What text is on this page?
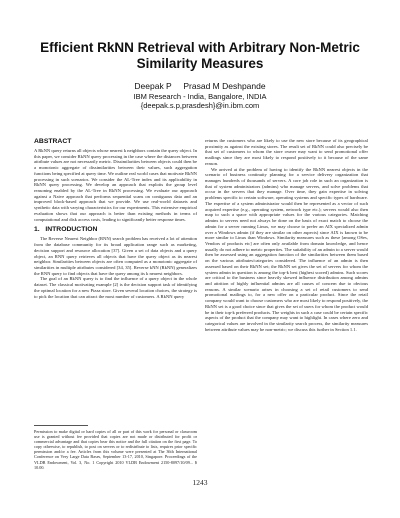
Efficient RkNN Retrieval with Arbitrary Non-Metric
Similarity Measures
Deepak P     Prasad M Deshpande
IBM Research - India, Bangalore, INDIA
{deepak.s.p,prasdesh}@in.ibm.com
ABSTRACT

A RkNN query returns all objects whose nearest k neighbors contain the query object. In this paper, we consider RkNN query processing in the case where the distances between attribute values are not necessarily metric. Dissimilarities between objects could then be a monotonic aggregate of dissimilarities between their values, such aggregation functions being specified at query time. We outline real world cases that motivate RkNN processing in such scenarios. We consider the AL-Tree index and its applicability in RkNN query processing. We develop an approach that exploits the group level reasoning enabled by the AL-Tree in RkNN processing. We evaluate our approach against a Naive approach that performs sequential scans on contiguous data and an improved block-based approach that we provide. We use real-world datasets and synthetic data with varying characteristics for our experiments. This extensive empirical evaluation shows that our approach is better than existing methods in terms of computational and disk access costs, leading to significantly better response times.

1.   INTRODUCTION

The Reverse Nearest Neighbor (RNN) search problem has received a lot of attention from the database community for its broad application range such as marketing, decision support and resource allocation [37]. Given a set of data objects and a query object, an RNN query retrieves all objects that have the query object as its nearest neighbor. Similarities between objects are often computed as a monotonic aggregate of similarities in multiple attributes considered [34, 35]. Reverse kNN (RkNN) generalizes the RNN query to find objects that have the query among its k nearest neighbors.

The goal of an RkNN query is to find the influence of a query object in the whole dataset. The classical motivating example [2] is the decision support task of identifying the optimal location for a new Pizza store. Given several location choices, the strategy is to pick the location that can attract the most number of customers. A RkNN query

Permission to make digital or hard copies of all or part of this work for personal or classroom use is granted without fee provided that copies are not made or distributed for profit or commercial advantage and that copies bear this notice and the full citation on the first page. To copy otherwise, to republish, to post on servers or to redistribute to lists, requires prior specific permission and/or a fee. Articles from this volume were presented at The 36th International Conference on Very Large Data Bases, September 13-17, 2010, Singapore. Proceedings of the VLDB Endowment, Vol. 3, No. 1 Copyright 2010 VLDB Endowment 2150-8097/10/09... $ 10.00.

returns the customers who are likely to use the new store because of its geographical proximity as against the existing stores. The result set of RkNN could also precisely be that set of customers to whom the store owner may want to send promotional offer mailings since they are most likely to respond positively to it because of the same reason.

We arrived at the problem of having to identify the RkNN nearest objects in the scenario of business continuity planning for a service delivery organization that manages hundreds of thousands of servers. A core job role in such an organization is that of system administrators (admins) who manage servers, and solve problems that occur in the servers that they manage. Over time, they gain expertise in solving problems specific to certain software, operating systems and specific types of hardware. The expertise of a system administrator would then be represented as a vector of such acquired expertise (e.g., operating system, network type etc.); servers would also then map to such a space with appropriate values for the various categories. Matching admins to servers need not always be done on the basis of exact match to choose the admin for a server running Linux, we may choose to prefer an AIX specialized admin over a Windows admin (if they are similar on other aspects) since AIX is known to be more similar to Linux than Windows. Similarity measures such as these [among OSes, Vendors of products etc] are often only available from domain knowledge, and hence usually do not adhere to metric properties. The suitability of an admin to a server would then be assessed using an aggregation function of the similarities between them based on the various attributes/categories considered. The influence of an admin is then assessed based on their RkNN set; the RkNN set gives the set of servers for whom the system admin in question is among the top-k best (highest scored) admins. Such scores are critical to the business since heavily skewed influence distribution among admins and attrition of highly influential admins are all causes of concern due to obvious reasons. A similar scenario arises in choosing a set of retail customers to send promotional mailings to, for a new offer on a particular product. Since the retail company would want to choose customers who are most likely to respond positively, the RkNN set is a good choice since that gives the set of users for whom the product would be in their top-k preferred products. The weights in such a case could be certain specific aspects of the product that the company may want to highlight. In cases where zero and categorical values are involved in the similarity search process, the similarity measures between attribute values may be non-metric; we discuss this further in Section 1.1.

1243
